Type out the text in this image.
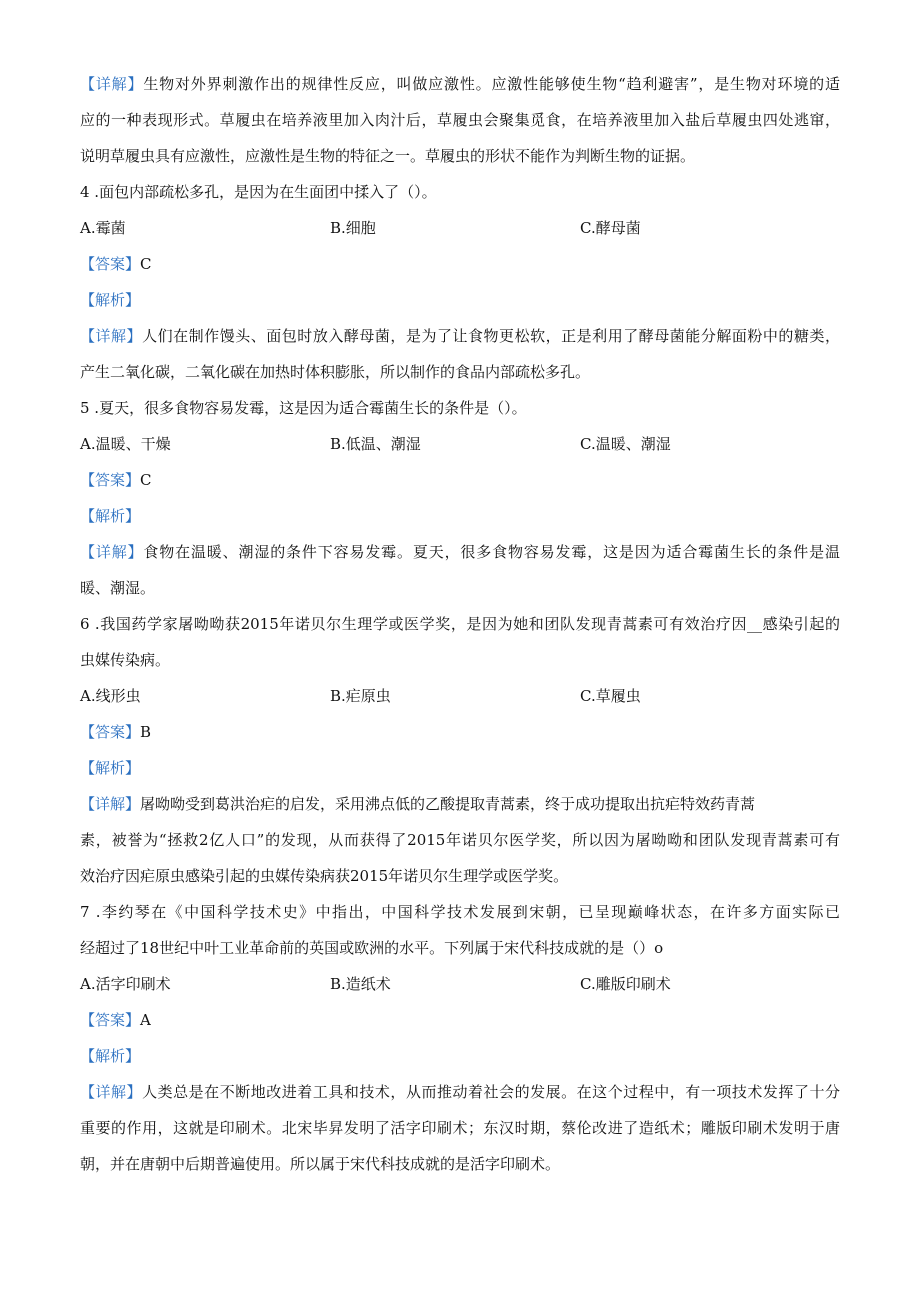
【详解】生物对外界刺激作出的规律性反应，叫做应激性。应激性能够使生物“趋利避害”，是生物对环境的适
应的一种表现形式。草履虫在培养液里加入肉汁后，草履虫会聚集觅食，在培养液里加入盐后草履虫四处逃窜，
说明草履虫具有应激性，应激性是生物的特征之一。草履虫的形状不能作为判断生物的证据。
4 .面包内部疏松多孔，是因为在生面团中揉入了（）。
A.霉菌	B.细胞	C.酵母菌
【答案】C
【解析】
【详解】人们在制作馒头、面包时放入酵母菌，是为了让食物更松软，正是利用了酵母菌能分解面粉中的糖类，
产生二氧化碳，二氧化碳在加热时体积膨胀，所以制作的食品内部疏松多孔。
5 .夏天，很多食物容易发霉，这是因为适合霉菌生长的条件是（）。
A.温暖、干燥	B.低温、潮湿	C.温暖、潮湿
【答案】C
【解析】
【详解】食物在温暖、潮湿的条件下容易发霉。夏天，很多食物容易发霉，这是因为适合霉菌生长的条件是温
暖、潮湿。
6 .我国药学家屠呦呦获2015年诺贝尔生理学或医学奖，是因为她和团队发现青蒿素可有效治疗因__感染引起的
虫媒传染病。
A.线形虫	B.疟原虫	C.草履虫
【答案】B
【解析】
【详解】屠呦呦受到葛洪治疟的启发，采用沸点低的乙酸提取青蒿素，终于成功提取出抗疟特效药青蒿
素，被誉为“拯救2亿人口”的发现，从而获得了2015年诺贝尔医学奖，所以因为屠呦呦和团队发现青蒿素可有
效治疗因疟原虫感染引起的虫媒传染病获2015年诺贝尔生理学或医学奖。
7 .李约琴在《中国科学技术史》中指出，中国科学技术发展到宋朝，已呈现巅峰状态，在许多方面实际已
经超过了18世纪中叶工业革命前的英国或欧洲的水平。下列属于宋代科技成就的是（）o
A.活字印刷术	B.造纸术	C.雕版印刷术
【答案】A
【解析】
【详解】人类总是在不断地改进着工具和技术，从而推动着社会的发展。在这个过程中，有一项技术发挥了十分
重要的作用，这就是印刷术。北宋毕昇发明了活字印刷术；东汉时期，蔡伦改进了造纸术；雕版印刷术发明于唐
朝，并在唐朝中后期普遍使用。所以属于宋代科技成就的是活字印刷术。
